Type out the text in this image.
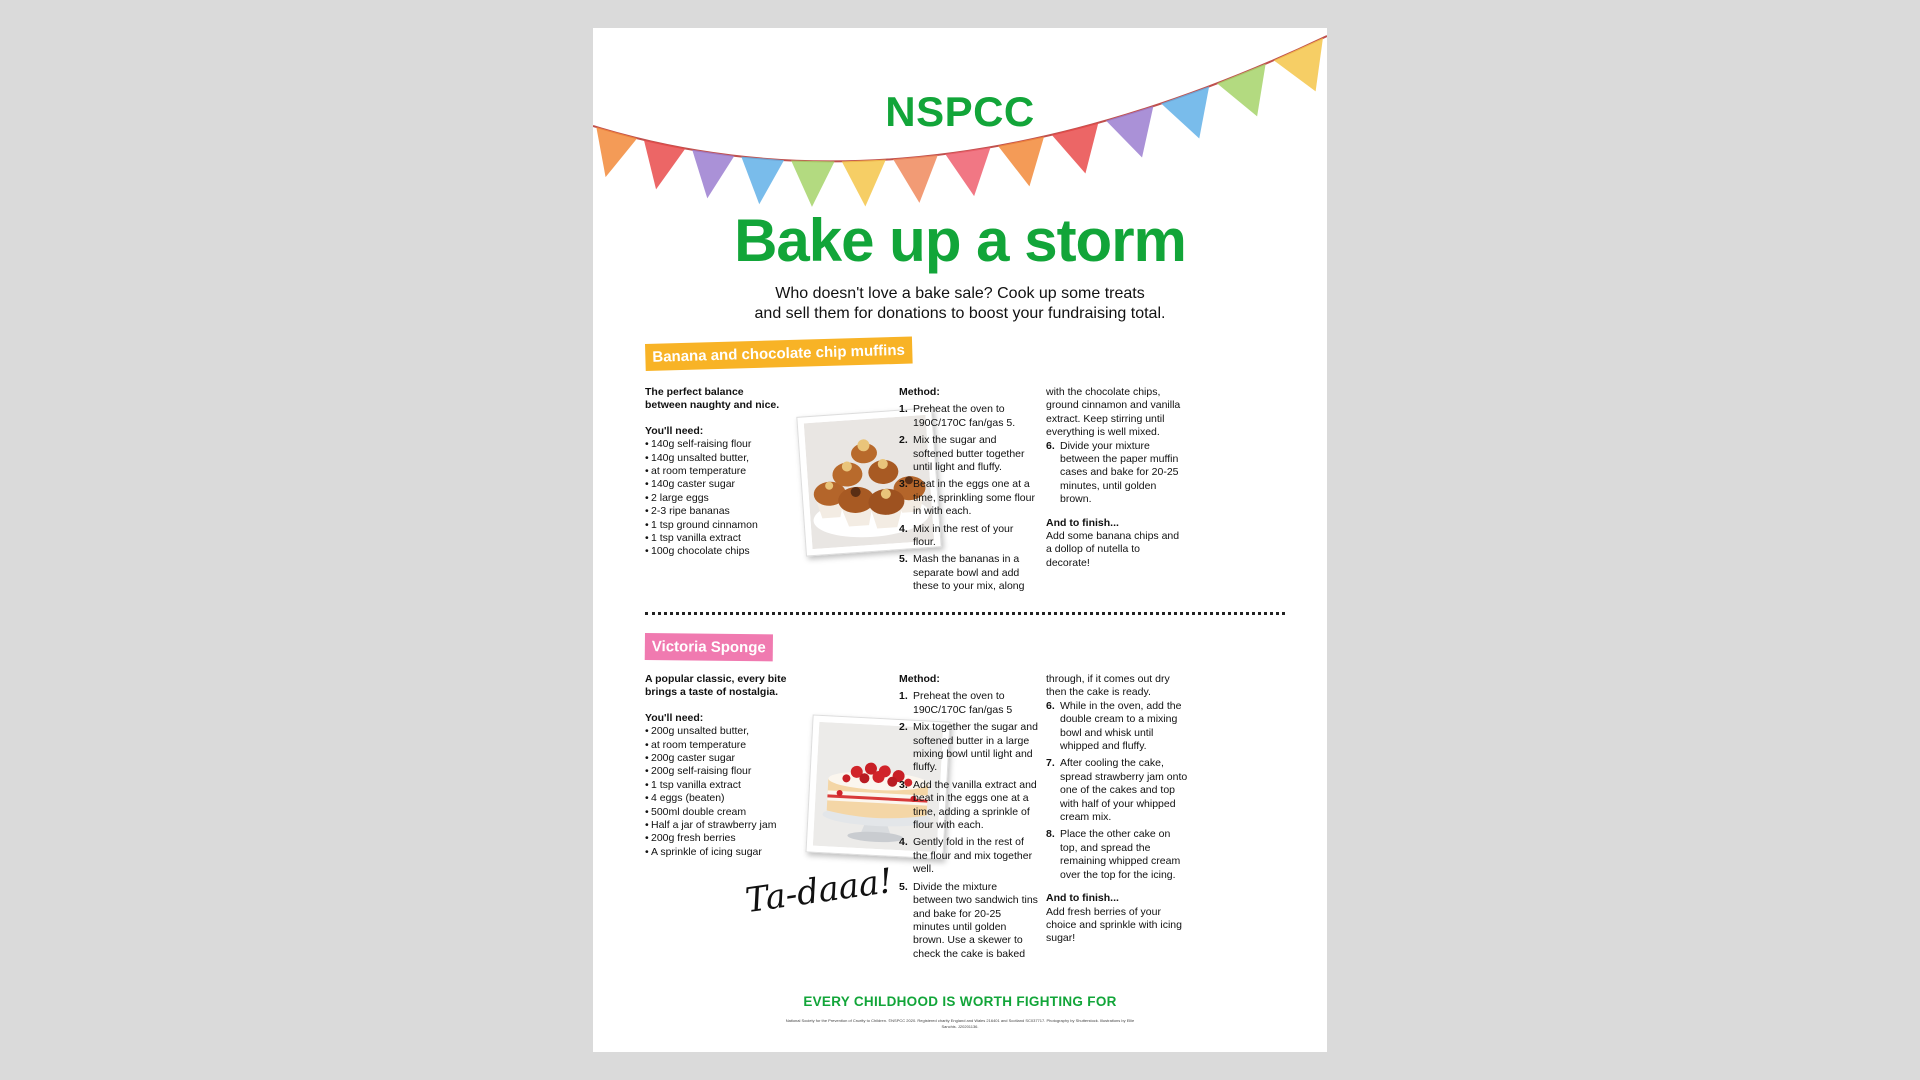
NSPCC
Bake up a storm
Who doesn't love a bake sale? Cook up some treats
and sell them for donations to boost your fundraising total.
Banana and chocolate chip muffins

The perfect balance

between naughty and nice.

You'll need:

• 140g self-raising flour
• 140g unsalted butter,
• at room temperature
• 140g caster sugar
• 2 large eggs
• 2-3 ripe bananas
• 1 tsp ground cinnamon
• 1 tsp vanilla extract
• 100g chocolate chips

Method:

1. Preheat the oven to 190C/170C fan/gas 5.
2. Mix the sugar and softened butter together until light and fluffy.
3. Beat in the eggs one at a time, sprinkling some flour in with each.
4. Mix in the rest of your flour.
5. Mash the bananas in a separate bowl and add these to your mix, along

with the chocolate chips, ground cinnamon and vanilla extract. Keep stirring until everything is well mixed.

6. Divide your mixture between the paper muffin cases and bake for 20-25 minutes, until golden brown.

And to finish...

Add some banana chips and a dollop of nutella to decorate!

Victoria Sponge

A popular classic, every bite

brings a taste of nostalgia.

You'll need:

• 200g unsalted butter,
• at room temperature
• 200g caster sugar
• 200g self-raising flour
• 1 tsp vanilla extract
• 4 eggs (beaten)
• 500ml double cream
• Half a jar of strawberry jam
• 200g fresh berries
• A sprinkle of icing sugar
Ta-daaa!

Method:

1. Preheat the oven to 190C/170C fan/gas 5
2. Mix together the sugar and softened butter in a large mixing bowl until light and fluffy.
3. Add the vanilla extract and beat in the eggs one at a time, adding a sprinkle of flour with each.
4. Gently fold in the rest of the flour and mix together well.
5. Divide the mixture between two sandwich tins and bake for 20-25 minutes until golden brown. Use a skewer to check the cake is baked

through, if it comes out dry then the cake is ready.

6. While in the oven, add the double cream to a mixing bowl and whisk until whipped and fluffy.
7. After cooling the cake, spread strawberry jam onto one of the cakes and top with half of your whipped cream mix.
8. Place the other cake on top, and spread the remaining whipped cream over the top for the icing.

And to finish...

Add fresh berries of your choice and sprinkle with icing sugar!

EVERY CHILDHOOD IS WORTH FIGHTING FOR
National Society for the Prevention of Cruelty to Children. ©NSPCC 2020. Registered charity England and Wales 216401 and Scotland SC037717. Photography by Shutterstock. Illustrations by Ellie Sanchis. J20201136.
